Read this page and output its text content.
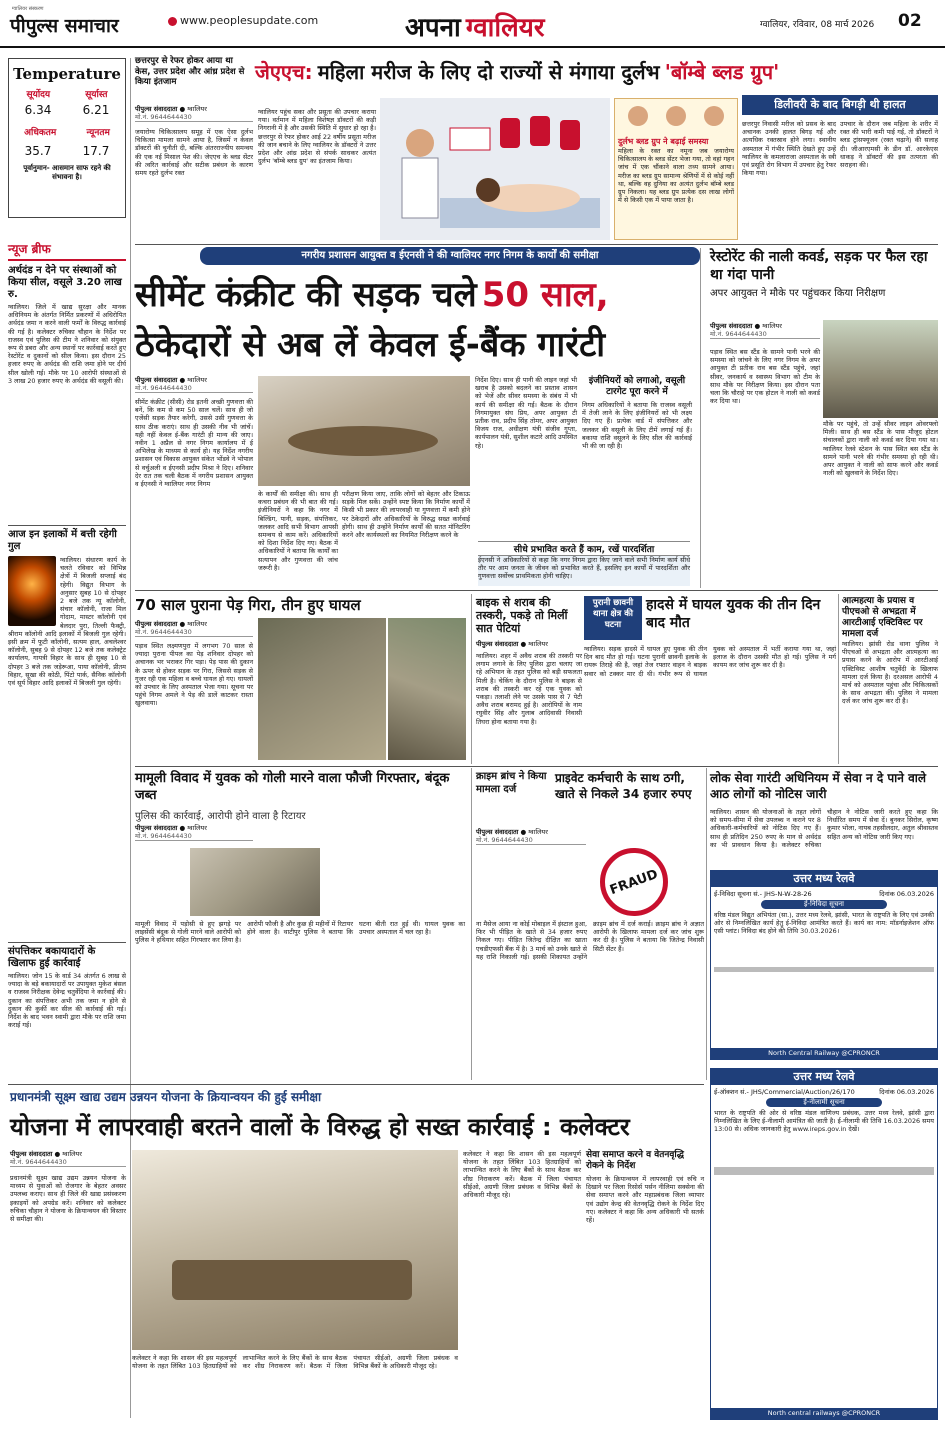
ग्वालियर संस्करण
पीपुल्स समाचार	www.peoplesupdate.com	अपना ग्वालियर	ग्वालियर, रविवार, 08 मार्च 2026 02
Temperature
सूर्योदय	सूर्यास्त
6.34	6.21
अधिकतम	न्यूनतम
35.7	17.7
पूर्वानुमान- आसमान साफ रहने की संभावना है।
न्यूज ब्रीफ
अर्थदंड न देने पर संस्थाओं को किया सील, वसूले 3.20 लाख रु.
ग्वालियर। जिले में खाद्य सुरक्षा और मानक अधिनियम के अंतर्गत निर्मित प्रकरणों में अधिरोपित अर्थदंड जमा न करने वाली फर्मों के विरुद्ध कार्रवाई की गई है। कलेक्टर रुचिका चौहान के निर्देश पर राजस्व एवं पुलिस की टीम ने शनिवार को संयुक्त रूप से डबरा और अन्य स्थानों पर कार्रवाई करते हुए रेस्टोरेंट व दुकानों को सील किया। इस दौरान 25 हजार रुपए के अर्थदंड की राशि जमा होने पर दीर्घ सील खोली गई। मौके पर 10 आरोपी संस्थाओं से 3 लाख 20 हजार रुपए के अर्थदंड की वसूली की।
आज इन इलाकों में बत्ती रहेगी गुल
ग्वालियर। संधारण कार्य के चलते रविवार को विभिन्न क्षेत्रों में बिजली सप्लाई बंद रहेगी। विद्युत विभाग के अनुसार सुबह 10 से दोपहर 2 बजे तक न्यू कॉलोनी, संचार कॉलोनी, राजा मिल गोदाम, मास्टर कॉलोनी एवं बेलदार पुरा, तिल्ली फैक्ट्री, श्रीराम कॉलोनी आदि इलाकों में बिजली गुल रहेगी। इसी क्रम में फूटी कॉलोनी, सत्यम हाल, अचलेश्वर कॉलोनी, सुबह 9 से दोपहर 12 बजे तक कलेक्ट्रेट कार्यालय, गायत्री विहार के साथ ही सुबह 10 से दोपहर 3 बजे तक जड़ेरूआ, पाया कॉलोनी, प्रीतम विहार, सूखा की कोठी, पिंटो पार्क, सैनिक कॉलोनी एवं सूर्य विहार आदि इलाकों में बिजली गुल रहेगी।
संपत्तिकर बकायादारों के खिलाफ हुई कार्रवाई
ग्वालियर। जोन 15 के वार्ड 34 अंतर्गत 6 लाख से ज्यादा के बड़े बकायादारों पर उपायुक्त मुकेश बंसल व राजस्व निरीक्षक देवेन्द्र चतुर्वेदिया ने कार्रवाई की। दुकान का संपत्तिकर अभी तक जमा न होने से दुकान की कुर्की कर सील की कार्रवाई की गई। निर्देश के बाद भवन स्वामी द्वारा मौके पर राशि जमा कराई गई।
छत्तरपुर से रेफर होकर आया था केस, उत्तर प्रदेश और आंध्र प्रदेश से किया इंतजाम	जेएएच: महिला मरीज के लिए दो राज्यों से मंगाया दुर्लभ 'बॉम्बे ब्लड ग्रुप'
डिलीवरी के बाद बिगड़ी थी हालत
पीपुल्स संवाददाता ● ग्वालियर
मो.नं. 9644644430
जयारोग्य चिकित्सालय समूह में एक ऐसा दुर्लभ चिकित्सा मामला सामने आया है, जिसमें न केवल डॉक्टरों की चुनौती दी, बल्कि अंतरराज्यीय समन्वय की एक नई मिसाल पेश की। जेएएच के ब्लड सेंटर की त्वरित कार्रवाई और सटीक प्रबंधन के कारण समय रहते दुर्लभ रक्त
ग्वालियर पहुंच सका और प्रसूता की उपचार कराया गया। वर्तमान में महिला विशेषज्ञ डॉक्टरों की कड़ी निगरानी में है और उसकी स्थिति में सुधार हो रहा है। छत्तरपुर से रेफर होकर आई 22 वर्षीय प्रसूता मरीज की जान बचाने के लिए ग्वालियर के डॉक्टरों ने उत्तर प्रदेश और आंध्र प्रदेश से संपर्क साधकर अत्यंत दुर्लभ 'बॉम्बे ब्लड ग्रुप' का इंतजाम किया।
दुर्लभ ब्लड ग्रुप ने बढ़ाई समस्या
महिला के रक्त का नमूना जब जयारोग्य चिकित्सालय के ब्लड सेंटर भेजा गया, तो वहां गहन जांच में एक चौंकाने वाला तथ्य सामने आया। मरीज का ब्लड ग्रुप सामान्य श्रेणियों में से कोई नहीं था, बल्कि वह दुनिया का अत्यंत दुर्लभ बॉम्बे ब्लड ग्रुप निकला। यह ब्लड ग्रुप प्रत्येक दस लाख लोगों में से किसी एक में पाया जाता है।
छत्तरपुर निवासी मरीज को प्रसव के बाद अचानक उनकी हालत बिगड़ गई और अत्यधिक रक्तस्राव होने लगा। स्थानीय अस्पताल में गंभीर स्थिति देखते हुए उन्हें ग्वालियर के कमलाराजा अस्पताल के स्त्री एवं प्रसूति रोग विभाग में उपचार हेतु रेफर किया गया।
उपचार के दौरान जब महिला के शरीर में रक्त की भारी कमी पाई गई, तो डॉक्टरों ने ब्लड ट्रांसफ्यूजन (रक्त चढ़ाने) की सलाह दी। जीआरएमसी के डीन डॉ. आरकेएस धाकड़ ने डॉक्टरों की इस तत्परता की सराहना की।
नगरीय प्रशासन आयुक्त व ईएनसी ने की ग्वालियर नगर निगम के कार्यों की समीक्षा
सीमेंट कंक्रीट की सड़क चले 50 साल,
ठेकेदारों से अब लें केवल ई-बैंक गारंटी
पीपुल्स संवाददाता ● ग्वालियर
मो.नं. 9644644430
सीमेंट कंक्रीट (सीसी) रोड इतनी अच्छी गुणवत्ता की बनें, कि कम से कम 50 साल चलें। साथ ही जो एजेंसी सड़क तैयार करेगी, उससे उसी गुणवत्ता के साथ ठीक कराएं। साथ ही उसकी नीव भी जांचें। यही नहीं केवल ई-बैंक गारंटी ही मान्य की जाए। नवीन 1 अप्रैल से नगर निगम कार्यालय में ई अभिलेख के माध्यम से कार्य हो। यह निर्देश नगरीय प्रशासन एवं विकास आयुक्त संकेत भोंडवे ने भोपाल से वर्चुअली व ईएनसी प्रदीप मिश्रा ने दिए। शनिवार देर रात तक चली बैठक में नगरीय प्रशासन आयुक्त व ईएनसी ने ग्वालियर नगर निगम
के कार्यों की समीक्षा की। साथ ही कचरा प्रबंधन की भी बात की गई। इंजीनियरों ने कहा कि नगर में बिल्डिंग, पानी, सड़क, संपत्तिकर, जलकर आदि सभी विभाग आपसी समन्वय से काम करें। अधिकारियों को दिशा निर्देश दिए गए। बैठक में अधिकारियों ने बताया कि कार्यों का सत्यापन और गुणवत्ता की जांच जरूरी है।
परीक्षण किया जाए, ताकि लोगों को बेहतर और टिकाऊ सड़कें मिल सकें। उन्होंने स्पष्ट किया कि निर्माण कार्यों में किसी भी प्रकार की लापरवाही या गुणवत्ता में कमी होने पर ठेकेदारों और अधिकारियों के विरुद्ध सख्त कार्रवाई होगी। साथ ही उन्होंने निर्माण कार्यों की सतत मॉनिटरिंग करने और कार्यस्थलों का नियमित निरीक्षण करने के
निर्देश दिए। साथ ही पानी की लाइन जहां भी खराब है उसको बदलने का प्रस्ताव शासन को भेजें और सीवर समस्या के संबंध में भी कार्य की समीक्षा की गई। बैठक के दौरान निगमायुक्त संघ प्रिय, अपर आयुक्त टी प्रतीक राव, प्रदीप सिंह तोमर, अपर आयुक्त विजय राज, अधीक्षण यंत्री संजीव गुप्ता, कार्यपालन यंत्री, सुशील कटारे आदि उपस्थित रहे।
इंजीनियरों को लगाओ, वसूली टारगेट पूरा करने में
निगम अधिकारियों ने बताया कि राजस्व वसूली में तेजी लाने के लिए इंजीनियरों को भी लक्ष्य दिए गए हैं। प्रत्येक वार्ड में संपत्तिकर और जलकर की वसूली के लिए टीमें लगाई गई हैं। बकाया राशि वसूलने के लिए सील की कार्रवाई भी की जा रही है।
सीधे प्रभावित करते हैं काम, रखें पारदर्शिता
ईएनसी ने अधिकारियों से कहा कि नगर निगम द्वारा किए जाने वाले सभी निर्माण कार्य सीधे तौर पर आम जनता के जीवन को प्रभावित करते हैं, इसलिए इन कार्यों में पारदर्शिता और गुणवत्ता सर्वोच्च प्राथमिकता होनी चाहिए।
रेस्टोरेंट की नाली कवर्ड, सड़क पर फैल रहा था गंदा पानी
अपर आयुक्त ने मौके पर पहुंचकर किया निरीक्षण
पीपुल्स संवाददाता ● ग्वालियर
मो.नं. 9644644430
पड़ाव स्थित बस स्टैंड के सामने पानी भरने की समस्या को जांचने के लिए नगर निगम के अपर आयुक्त टी प्रतीक राव बस स्टैंड पहुंचे, जहां सीवर, जनकार्य व स्वास्थ्य विभाग को टीम के साथ मौके पर निरीक्षण किया। इस दौरान पता चला कि चौराहे पर एक होटल ने नाली को कवर्ड कर दिया था।
मौके पर पहुंचे, तो उन्हें सीवर लाइन ओवरफ्लो मिली। साथ ही बस स्टैंड के पास मौजूद होटल संचालकों द्वारा नाली को कवर्ड कर दिया गया था। ग्वालियर रेलवे स्टेशन के पास स्थित बस स्टैंड के सामने पानी भरने की गंभीर समस्या हो रही थी। अपर आयुक्त ने नाली को साफ करने और कवर्ड नाली को खुलवाने के निर्देश दिए।
70 साल पुराना पेड़ गिरा, तीन हुए घायल
पीपुल्स संवाददाता ● ग्वालियर
मो.नं. 9644644430
पड़ाव स्थित लक्ष्मणपुरा में लगभग 70 साल से ज्यादा पुराना पीपल का पेड़ शनिवार दोपहर को अचानक भर भराकर गिर पड़ा। पेड़ पास की दुकान के ऊपर से होकर सड़क पर गिरा, जिससे सड़क से गुजर रही एक महिला व बच्चे घायल हो गए। घायलों को उपचार के लिए अस्पताल भेजा गया। सूचना पर पहुंचे निगम अमले ने पेड़ की डालें काटकर रास्ता खुलवाया।
बाइक से शराब की तस्करी, पकड़े तो मिलीं सात पेटियां
पीपुल्स संवाददाता ● ग्वालियर
ग्वालियर। शहर में अवैध शराब की तस्करी पर लगाम लगाने के लिए पुलिस द्वारा चलाए जा रहे अभियान के तहत पुलिस को बड़ी सफलता मिली है। चेकिंग के दौरान पुलिस ने बाइक से शराब की तस्करी कर रहे एक युवक को पकड़ा। तलाशी लेने पर उसके पास से 7 पेटी अवैध शराब बरामद हुई है। आरोपियों के नाम रघुवीर सिंह और गुलाब आदिवासी निवासी तिघरा होना बताया गया है।
पुरानी छावनी थाना क्षेत्र की घटना
हादसे में घायल युवक की तीन दिन बाद मौत
ग्वालियर। सड़क हादसे में घायल हुए युवक की तीन दिन बाद मौत हो गई। घटना पुरानी छावनी इलाके के रायरू तिराहे की है, जहां तेज रफ्तार वाहन ने बाइक सवार को टक्कर मार दी थी। गंभीर रूप से घायल युवक को अस्पताल में भर्ती कराया गया था, जहां इलाज के दौरान उसकी मौत हो गई। पुलिस ने मर्ग कायम कर जांच शुरू कर दी है।
आत्महत्या के प्रयास व पीएचओ से अभद्रता में आरटीआई एक्टिविस्ट पर मामला दर्ज
ग्वालियर। झांसी रोड थाना पुलिस ने पीएचओ से अभद्रता और आत्महत्या का प्रयास करने के आरोप में आरटीआई एक्टिविस्ट आशीष चतुर्वेदी के खिलाफ मामला दर्ज किया है। दरअसल आरोपी 4 मार्च को अस्पताल पहुंचा और चिकित्सकों के साथ अभद्रता की। पुलिस ने मामला दर्ज कर जांच शुरू कर दी है।
मामूली विवाद में युवक को गोली मारने वाला फौजी गिरफ्तार, बंदूक जब्त
पुलिस की कार्रवाई, आरोपी होने वाला है रिटायर
पीपुल्स संवाददाता ● ग्वालियर
मो.नं. 9644644430
मामूली विवाद में पड़ोसी से हुए झगड़े पर लाइसेंसी बंदूक से गोली मारने वाले आरोपी को पुलिस ने हथियार सहित गिरफ्तार कर लिया है। आरोपी फौजी है और कुछ ही महीनों में रिटायर होने वाला है। थाटीपुर पुलिस ने बताया कि घटना बीती रात हुई थी। घायल युवक का उपचार अस्पताल में चल रहा है।
क्राइम ब्रांच ने किया मामला दर्ज
प्राइवेट कर्मचारी के साथ ठगी, खाते से निकले 34 हजार रुपए
पीपुल्स संवाददाता ● ग्वालियर
मो.नं. 9644644430
FRAUD
ना मैसेज आया ना कोई मोबाइल में इंस्टाल हुआ, फिर भी पीड़ित के खाते से 34 हजार रुपए निकल गए। पीड़ित जितेन्द्र दीक्षित का खाता एचडीएफसी बैंक में है। 3 मार्च को उनके खाते से यह राशि निकाली गई। इसकी शिकायत उन्होंने क्राइम ब्रांच में दर्ज कराई। क्राइम ब्रांच ने अज्ञात आरोपी के खिलाफ मामला दर्ज कर जांच शुरू कर दी है। पुलिस ने बताया कि जितेन्द्र निवासी सिटी सेंटर हैं।
लोक सेवा गारंटी अधिनियम में सेवा न दे पाने वाले आठ लोगों को नोटिस जारी
ग्वालियर। शासन की योजनाओं के तहत लोगों को समय-सीमा में सेवा उपलब्ध न कराने पर 8 अधिकारी-कर्मचारियों को नोटिस दिए गए हैं। साथ ही प्रतिदिन 250 रुपए के मान से अर्थदंड का भी प्रावधान किया है। कलेक्टर रुचिका चौहान ने नोटिस जारी करते हुए कहा कि निर्धारित समय में सेवा दें। बुनकर सिरोल, कृष्ण कुमार भोला, नायब तहसीलदार, अतुल श्रीवास्तव सहित अन्य को नोटिस जारी किए गए।
उत्तर मध्य रेलवे
ई-निविदा सूचना सं.- JHS-N-W-28-26	दिनांक 06.03.2026
ई-निविदा सूचना
वरिष्ठ मंडल विद्युत अभियंता (सा.), उत्तर मध्य रेलवे, झांसी, भारत के राष्ट्रपति के लिए एवं उनकी ओर से निम्नलिखित कार्य हेतु ई-निविदा आमंत्रित करते हैं। कार्य का नाम: मॉडर्नाइजेशन ऑफ एसी प्लांट। निविदा बंद होने की तिथि 30.03.2026।
North Central Railway @CPRONCR
उत्तर मध्य रेलवे
ई-ऑक्शन सं.- JHS/Commercial/Auction/26/170	दिनांक 06.03.2026
ई-नीलामी सूचना
भारत के राष्ट्रपति की ओर से वरिष्ठ मंडल वाणिज्य प्रबंधक, उत्तर मध्य रेलवे, झांसी द्वारा निम्नलिखित के लिए ई-नीलामी आमंत्रित की जाती है। ई-नीलामी की तिथि 16.03.2026 समय 13:00 से। अधिक जानकारी हेतु www.ireps.gov.in देखें।
North central railways @CPRONCR
प्रधानमंत्री सूक्ष्म खाद्य उद्यम उन्नयन योजना के क्रियान्वयन की हुई समीक्षा
योजना में लापरवाही बरतने वालों के विरुद्ध हो सख्त कार्रवाई : कलेक्टर
पीपुल्स संवाददाता ● ग्वालियर
मो.नं. 9644644430
प्रधानमंत्री सूक्ष्म खाद्य उद्यम उन्नयन योजना के माध्यम से युवाओं को रोजगार के बेहतर अवसर उपलब्ध कराए। साथ ही जिले की खाद्य प्रसंस्करण इकाइयों को अपग्रेड करें। शनिवार को कलेक्टर रुचिका चौहान ने योजना के क्रियान्वयन की विस्तार से समीक्षा की।
कलेक्टर ने कहा कि शासन की इस महत्वपूर्ण योजना के तहत लिंबित 103 हितग्राहियों को लाभान्वित करने के लिए बैंकों के साथ बैठक कर शीघ्र निराकरण करें। बैठक में जिला पंचायत सीईओ, अग्रणी जिला प्रबंधक व विभिन्न बैंकों के अधिकारी मौजूद रहे।
कलेक्टर ने कहा कि शासन की इस महत्वपूर्ण योजना के तहत लिंबित 103 हितग्राहियों को लाभान्वित करने के लिए बैंकों के साथ बैठक कर शीघ्र निराकरण करें। बैठक में जिला पंचायत सीईओ, अग्रणी जिला प्रबंधक व विभिन्न बैंकों के अधिकारी मौजूद रहे।
सेवा समाप्त करने व वेतनवृद्धि रोकने के निर्देश
योजना के क्रियान्वयन में लापरवाही एवं रुचि न दिखाने पर जिला रिसोर्स पर्सन नीलिमा सक्सेना की सेवा समाप्त करने और महाप्रबंधक जिला व्यापार एवं उद्योग केन्द्र की वेतनवृद्धि रोकने के निर्देश दिए गए। कलेक्टर ने कहा कि अन्य अधिकारी भी सतर्क रहें।
